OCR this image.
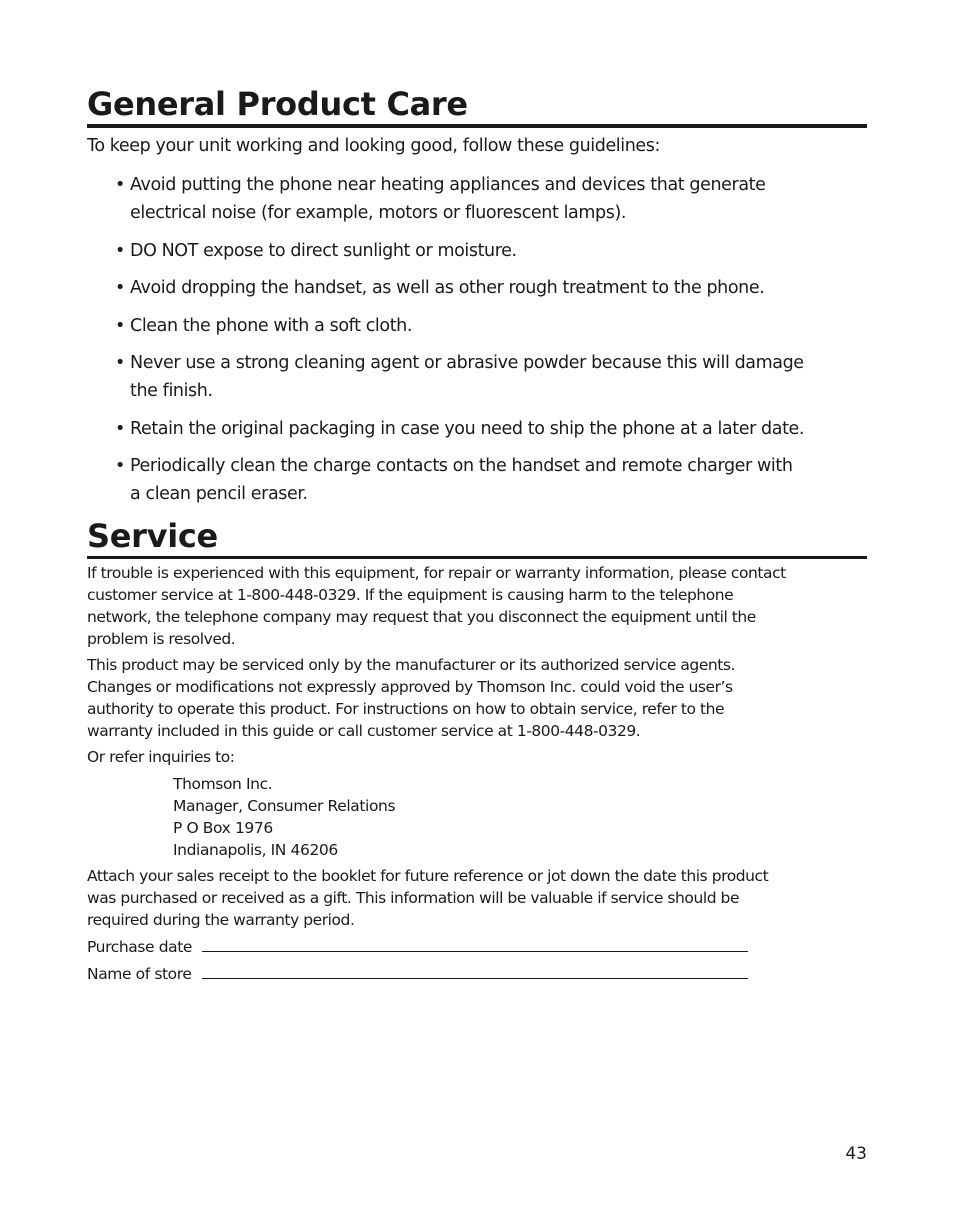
General Product Care

To keep your unit working and looking good, follow these guidelines:

• Avoid putting the phone near heating appliances and devices that generate
electrical noise (for example, motors or fluorescent lamps).
• DO NOT expose to direct sunlight or moisture.
• Avoid dropping the handset, as well as other rough treatment to the phone.
• Clean the phone with a soft cloth.
• Never use a strong cleaning agent or abrasive powder because this will damage
the finish.
• Retain the original packaging in case you need to ship the phone at a later date.
• Periodically clean the charge contacts on the handset and remote charger with
a clean pencil eraser.
Service

If trouble is experienced with this equipment, for repair or warranty information, please contact
customer service at 1-800-448-0329. If the equipment is causing harm to the telephone
network, the telephone company may request that you disconnect the equipment until the
problem is resolved.

This product may be serviced only by the manufacturer or its authorized service agents.
Changes or modifications not expressly approved by Thomson Inc. could void the user’s
authority to operate this product. For instructions on how to obtain service, refer to the
warranty included in this guide or call customer service at 1-800-448-0329.

Or refer inquiries to:

Thomson Inc.
Manager, Consumer Relations
P O Box 1976
Indianapolis, IN 46206

Attach your sales receipt to the booklet for future reference or jot down the date this product
was purchased or received as a gift. This information will be valuable if service should be
required during the warranty period.

Purchase date
Name of store
43
